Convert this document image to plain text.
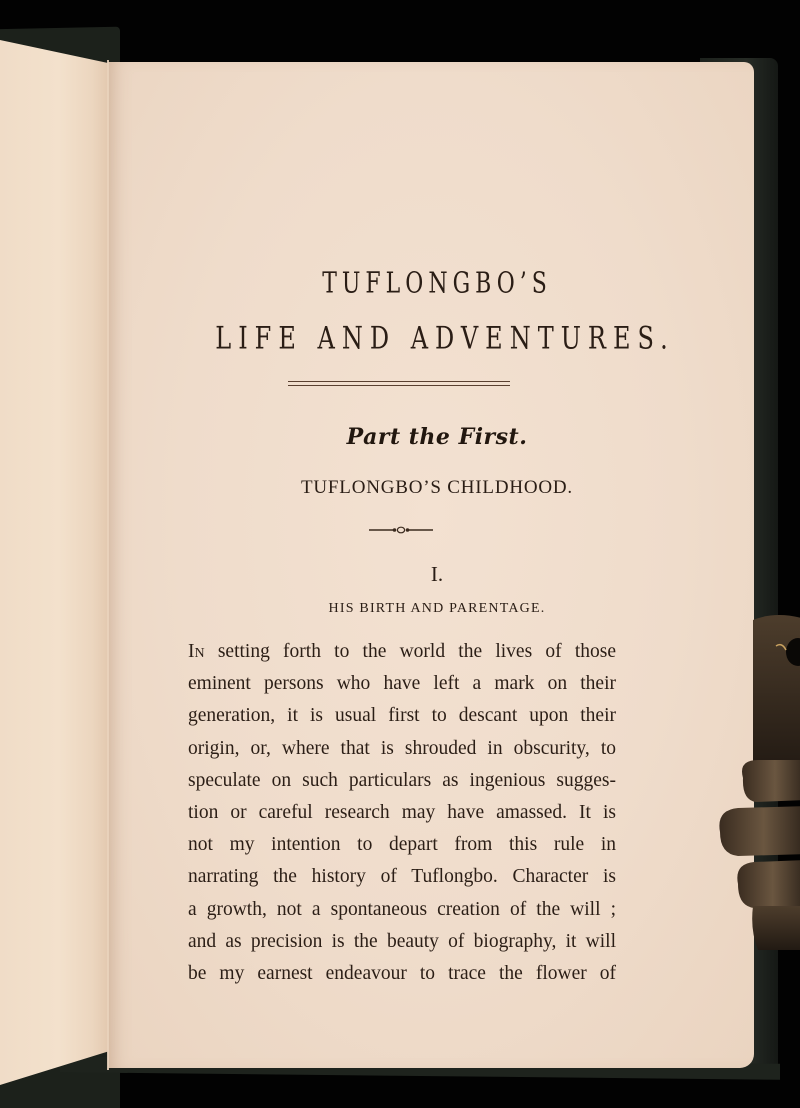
TUFLONGBO’S
LIFE AND ADVENTURES.
Part the First.
TUFLONGBO’S CHILDHOOD.
I.
HIS BIRTH AND PARENTAGE.
In setting forth to the world the lives of those
eminent persons who have left a mark on their
generation, it is usual first to descant upon their
origin, or, where that is shrouded in obscurity, to
speculate on such particulars as ingenious sugges-
tion or careful research may have amassed. It is
not my intention to depart from this rule in
narrating the history of Tuflongbo. Character is
a growth, not a spontaneous creation of the will ;
and as precision is the beauty of biography, it will
be my earnest endeavour to trace the flower of
